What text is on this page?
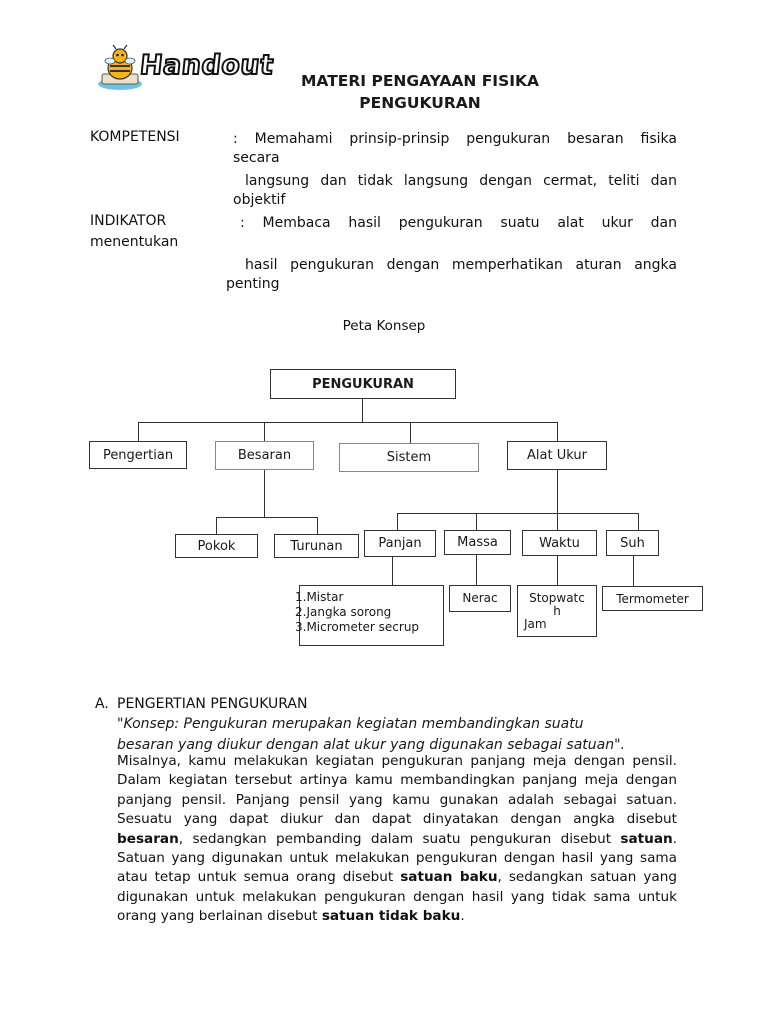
Handout	MATERI PENGAYAAN FISIKA
PENGUKURAN
KOMPETENSI	: Memahami prinsip-prinsip pengukuran besaran fisika
secara
langsung dan tidak langsung dengan cermat, teliti dan
objektif
INDIKATOR	: Membaca hasil pengukuran suatu alat ukur dan
menentukan
hasil pengukuran dengan memperhatikan aturan angka
penting
Peta Konsep
PENGUKURAN
Pengertian	Besaran	Sistem	Alat Ukur
Pokok	Turunan	Panjan	Massa	Waktu	Suh
1.Mistar
2.Jangka sorong
3.Micrometer secrup
Nerac	Stopwatc
h
Jam
Termometer
A. PENGERTIAN PENGUKURAN
"Konsep: Pengukuran merupakan kegiatan membandingkan suatu
besaran yang diukur dengan alat ukur yang digunakan sebagai satuan".
Misalnya, kamu melakukan kegiatan pengukuran panjang meja dengan pensil.
Dalam kegiatan tersebut artinya kamu membandingkan panjang meja dengan
panjang pensil. Panjang pensil yang kamu gunakan adalah sebagai satuan.
Sesuatu yang dapat diukur dan dapat dinyatakan dengan angka disebut
besaran, sedangkan pembanding dalam suatu pengukuran disebut satuan.
Satuan yang digunakan untuk melakukan pengukuran dengan hasil yang sama
atau tetap untuk semua orang disebut satuan baku, sedangkan satuan yang
digunakan untuk melakukan pengukuran dengan hasil yang tidak sama untuk
orang yang berlainan disebut satuan tidak baku.
